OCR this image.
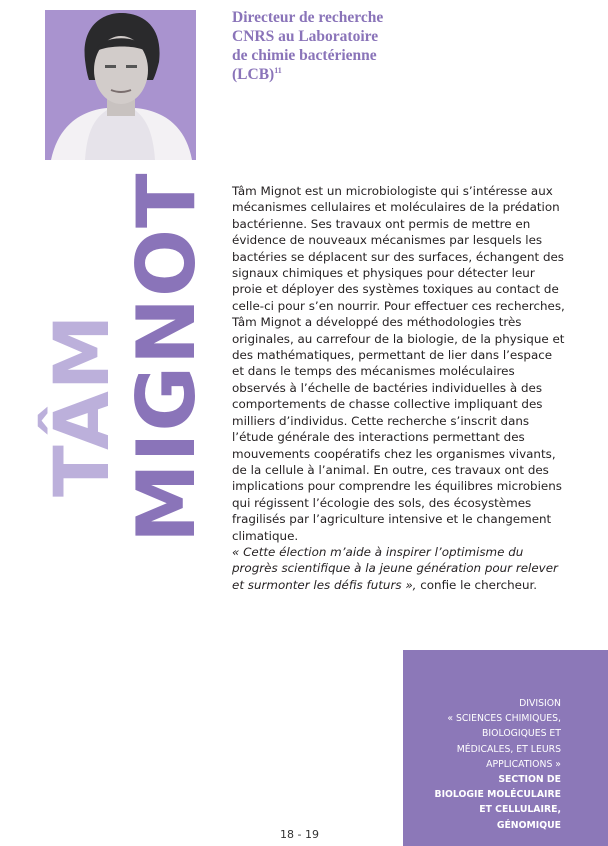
Directeur de recherche
CNRS au Laboratoire
de chimie bactérienne
(LCB)$^{11}$
TÂM
MIGNOT Tâm Mignot est un microbiologiste qui s’intéresse aux mécanismes cellulaires et moléculaires de la prédation bactérienne. Ses travaux ont permis de mettre en évidence de nouveaux mécanismes par lesquels les bactéries se déplacent sur des surfaces, échangent des signaux chimiques et physiques pour détecter leur proie et déployer des systèmes toxiques au contact de celle-ci pour s’en nourrir. Pour effectuer ces recherches, Tâm Mignot a développé des méthodologies très originales, au carrefour de la biologie, de la physique et des mathématiques, permettant de lier dans l’espace et dans le temps des mécanismes moléculaires observés à l’échelle de bactéries individuelles à des comportements de chasse collective impliquant des milliers d’individus. Cette recherche s’inscrit dans l’étude générale des interactions permettant des mouvements coopératifs chez les organismes vivants, de la cellule à l’animal. En outre, ces travaux ont des implications pour comprendre les équilibres microbiens qui régissent l’écologie des sols, des écosystèmes fragilisés par l’agriculture intensive et le changement climatique.

« Cette élection m’aide à inspirer l’optimisme du progrès scientifique à la jeune génération pour relever et surmonter les défis futurs », confie le chercheur.

DIVISION
« SCIENCES CHIMIQUES,
BIOLOGIQUES ET
MÉDICALES, ET LEURS
APPLICATIONS »
SECTION DE
BIOLOGIE MOLÉCULAIRE
ET CELLULAIRE,
GÉNOMIQUE
18 - 19
